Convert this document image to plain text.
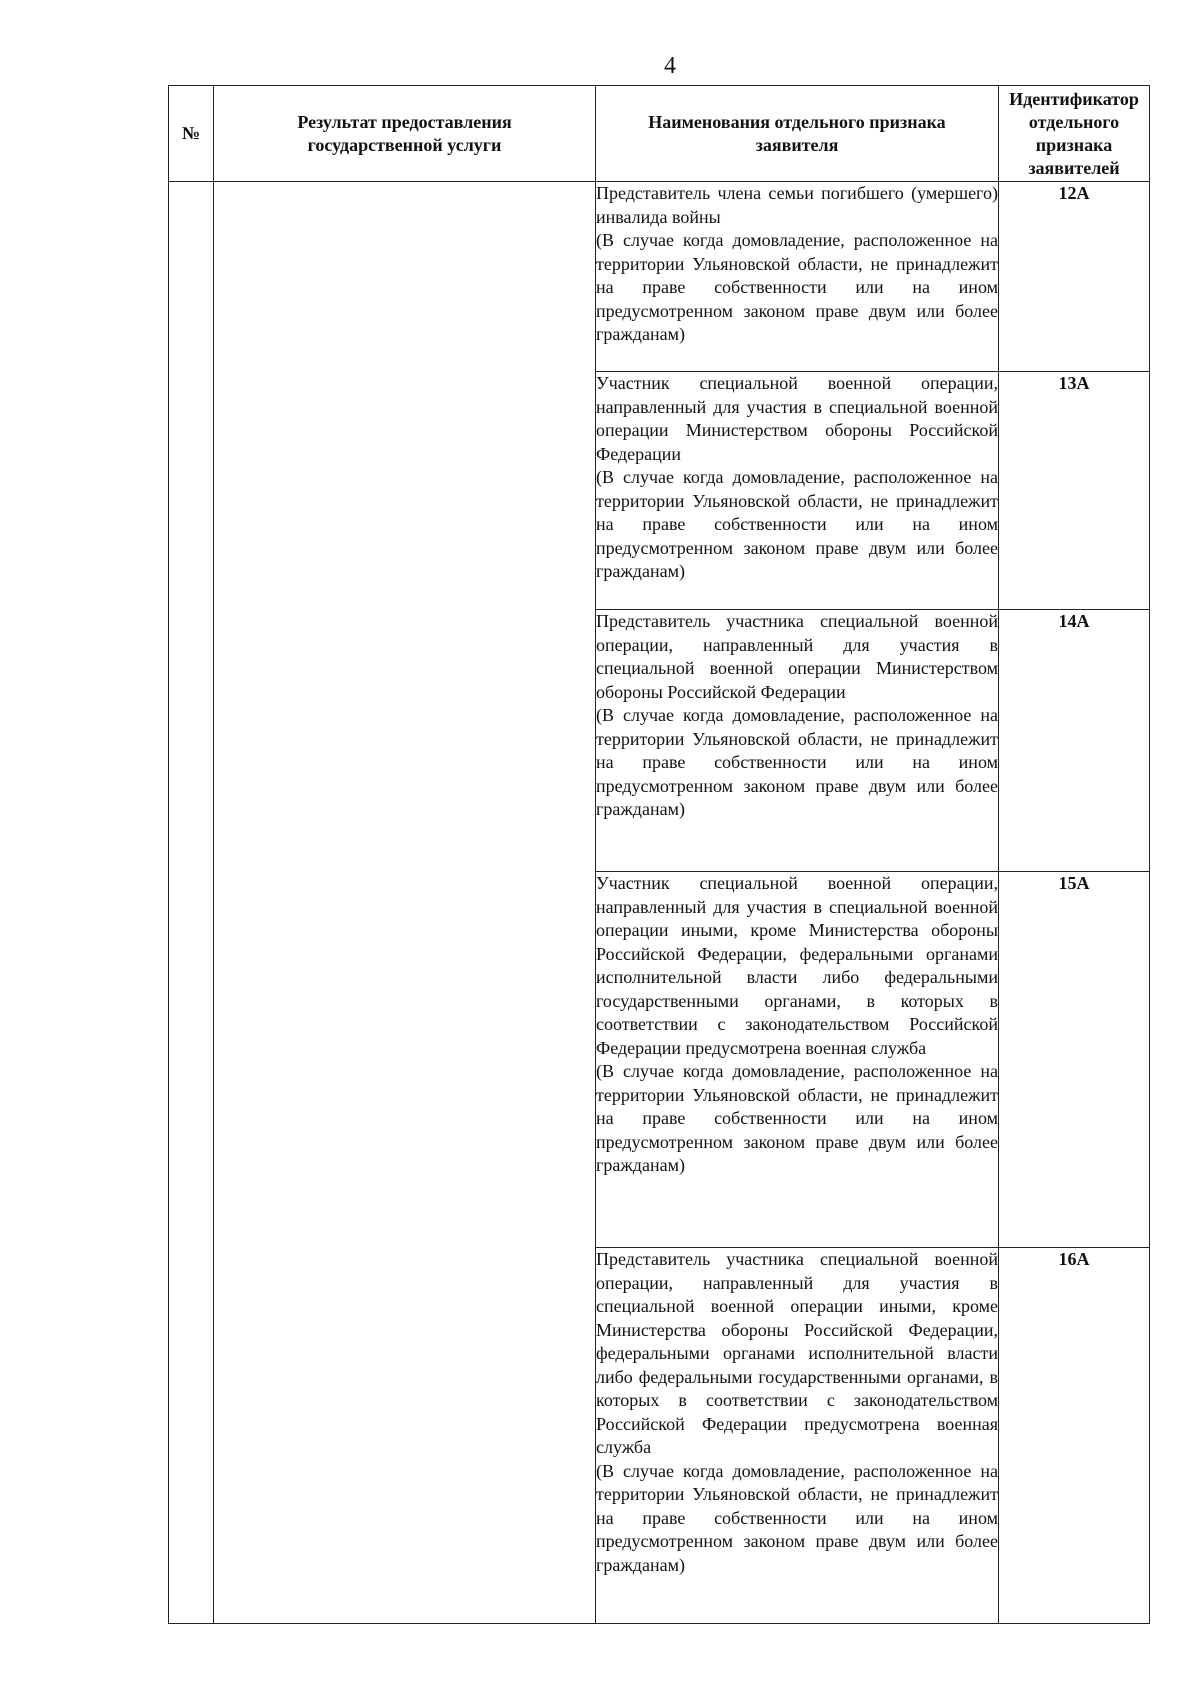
4
№	Результат предоставления государственной услуги	Наименования отдельного признака заявителя	Идентификатор отдельного признака заявителей

		Представитель члена семьи погибшего (умершего) инвалида войны
(В случае когда домовладение, расположенное на территории Ульяновской области, не принадлежит на праве собственности или на ином предусмотренном законом праве двум или более гражданам)	12А

		Участник специальной военной операции, направленный для участия в специальной военной операции Министерством обороны Российской Федерации
(В случае когда домовладение, расположенное на территории Ульяновской области, не принадлежит на праве собственности или на ином предусмотренном законом праве двум или более гражданам)	13А

		Представитель участника специальной военной операции, направленный для участия в специальной военной операции Министерством обороны Российской Федерации
(В случае когда домовладение, расположенное на территории Ульяновской области, не принадлежит на праве собственности или на ином предусмотренном законом праве двум или более гражданам)	14А

		Участник специальной военной операции, направленный для участия в специальной военной операции иными, кроме Министерства обороны Российской Федерации, федеральными органами исполнительной власти либо федеральными государственными органами, в которых в соответствии с законодательством Российской Федерации предусмотрена военная служба
(В случае когда домовладение, расположенное на территории Ульяновской области, не принадлежит на праве собственности или на ином предусмотренном законом праве двум или более гражданам)	15А

		Представитель участника специальной военной операции, направленный для участия в специальной военной операции иными, кроме Министерства обороны Российской Федерации, федеральными органами исполнительной власти либо федеральными государственными органами, в которых в соответствии с законодательством Российской Федерации предусмотрена военная служба
(В случае когда домовладение, расположенное на территории Ульяновской области, не принадлежит на праве собственности или на ином предусмотренном законом праве двум или более гражданам)	16А
